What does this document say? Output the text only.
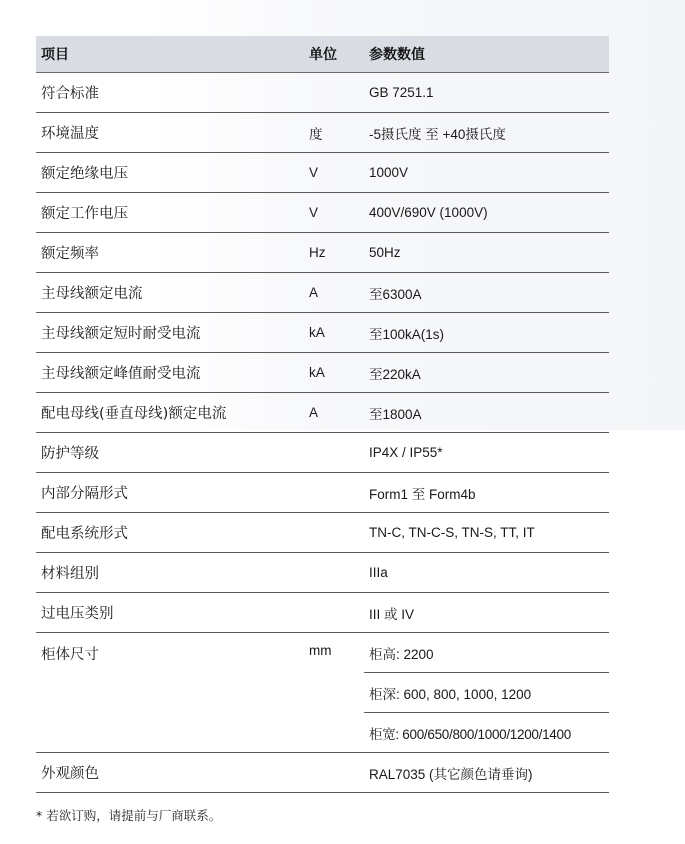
项目	单位	参数数值
符合标准		GB 7251.1
环境温度	度	-5摄氏度 至 +40摄氏度
额定绝缘电压	V	1000V
额定工作电压	V	400V/690V (1000V)
额定频率	Hz	50Hz
主母线额定电流	A	至6300A
主母线额定短时耐受电流	kA	至100kA(1s)
主母线额定峰值耐受电流	kA	至220kA
配电母线(垂直母线)额定电流	A	至1800A
防护等级		IP4X / IP55*
内部分隔形式		Form1 至 Form4b
配电系统形式		TN-C, TN-C-S, TN-S, TT, IT
材料组别		IIIa
过电压类别		III 或 IV
柜体尺寸	mm	柜高: 2200
		柜深: 600, 800, 1000, 1200
		柜宽: 600/650/800/1000/1200/1400
外观颜色		RAL7035 (其它颜色请垂询)
* 若欲订购，请提前与厂商联系。
